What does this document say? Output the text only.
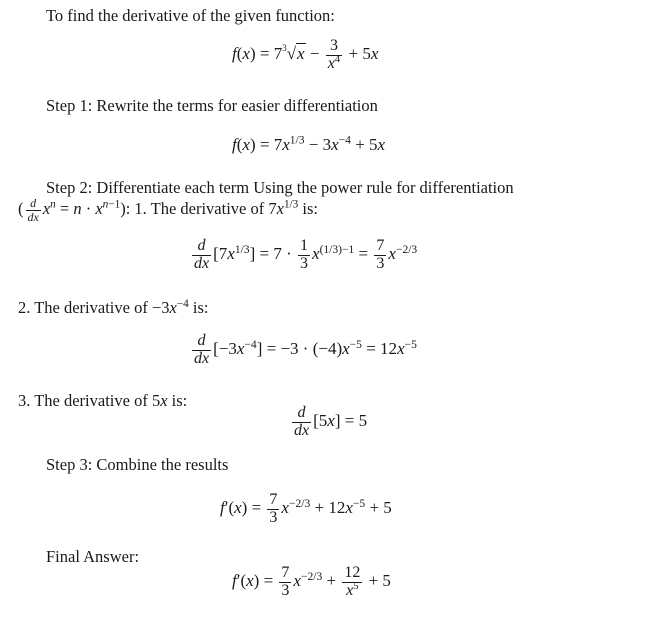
To find the derivative of the given function:
$f(x) = 7^3√x - \frac{3}{x^4} + 5x$
Step 1: Rewrite the terms for easier differentiation
$f(x) = 7x^{1/3} - 3x^{-4} + 5x$
Step 2: Differentiate each term Using the power rule for differentiation
( $\frac{d}{dx} x^n = n \cdot x^{n-1}$): 1. The derivative of $7x^{1/3}$ is:
$\frac{d}{dx} [7x^{1/3}] = 7 \cdot \frac{1}{3} x^{(1/3)-1} = \frac{7}{3} x^{-2/3}$
2. The derivative of $-3x^{-4}$ is:
$\frac{d}{dx} [-3x^{-4}] = -3 \cdot (-4)x^{-5} = 12x^{-5}$
3. The derivative of 5x is:
$\frac{d}{dx} [5x] = 5$
Step 3: Combine the results
$f'(x) = \frac{7}{3} x^{-2/3} + 12x^{-5} + 5$
Final Answer:
$f'(x) = \frac{7}{3} x^{-2/3} + \frac{12}{x^5} + 5$
